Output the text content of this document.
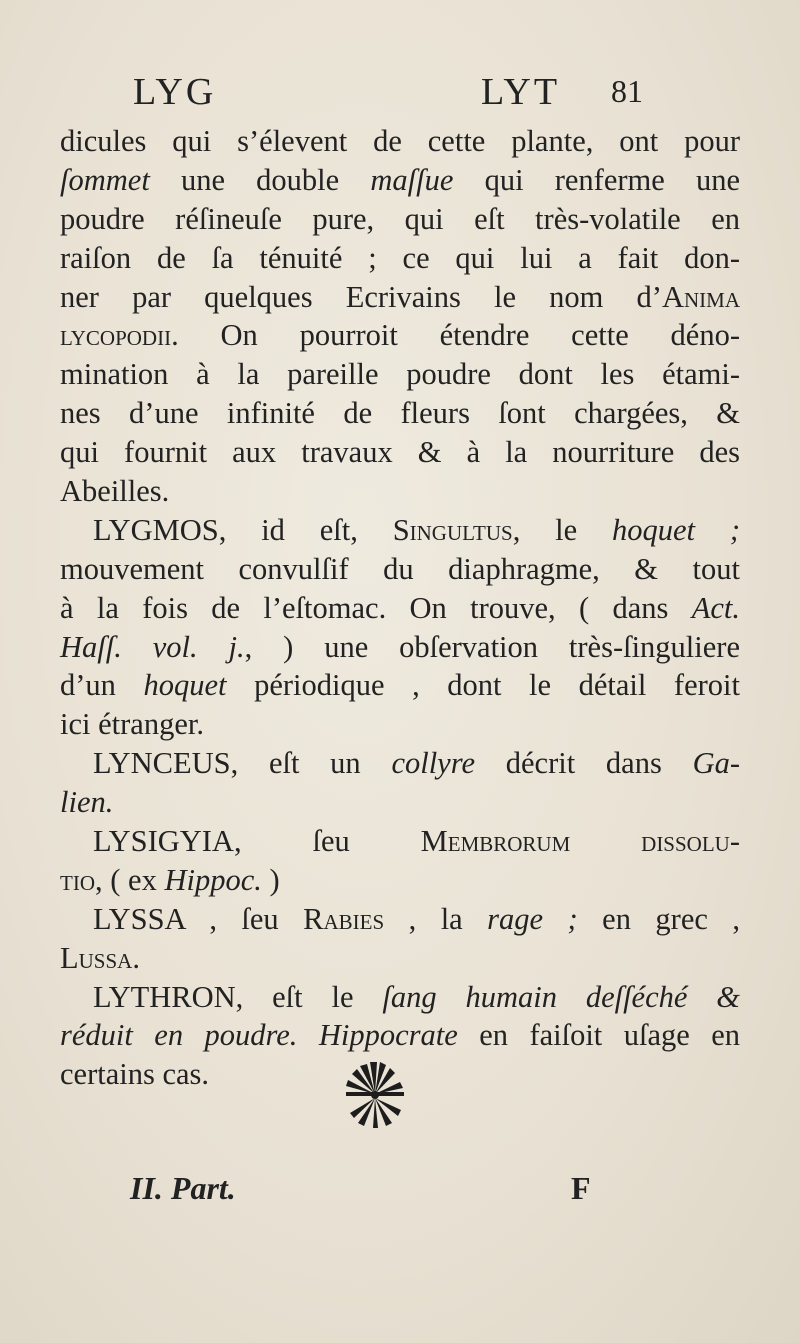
LYG	LYT 81
dicules qui s’élevent de cette plante, ont pour
ſommet une double maſſue qui renferme une
poudre réſineuſe pure, qui eſt très-volatile en
raiſon de ſa ténuité ; ce qui lui a fait don-
ner par quelques Ecrivains le nom d’Anima
lycopodii. On pourroit étendre cette déno-
mination à la pareille poudre dont les étami-
nes d’une infinité de fleurs ſont chargées, &
qui fournit aux travaux & à la nourriture des
Abeilles.
LYGMOS, id eſt, Singultus, le hoquet ;
mouvement convulſif du diaphragme, & tout
à la fois de l’eſtomac. On trouve, ( dans Act.
Haſſ. vol. j., ) une obſervation très-ſinguliere
d’un hoquet périodique , dont le détail feroit
ici étranger.
LYNCEUS, eſt un collyre décrit dans Ga-
lien.
LYSIGYIA, ſeu Membrorum dissolu-
tio, ( ex Hippoc. )
LYSSA , ſeu Rabies , la rage ; en grec ,
Lussa.
LYTHRON, eſt le ſang humain deſſéché &
réduit en poudre. Hippocrate en faiſoit uſage en
certains cas.
II. Part.	F
